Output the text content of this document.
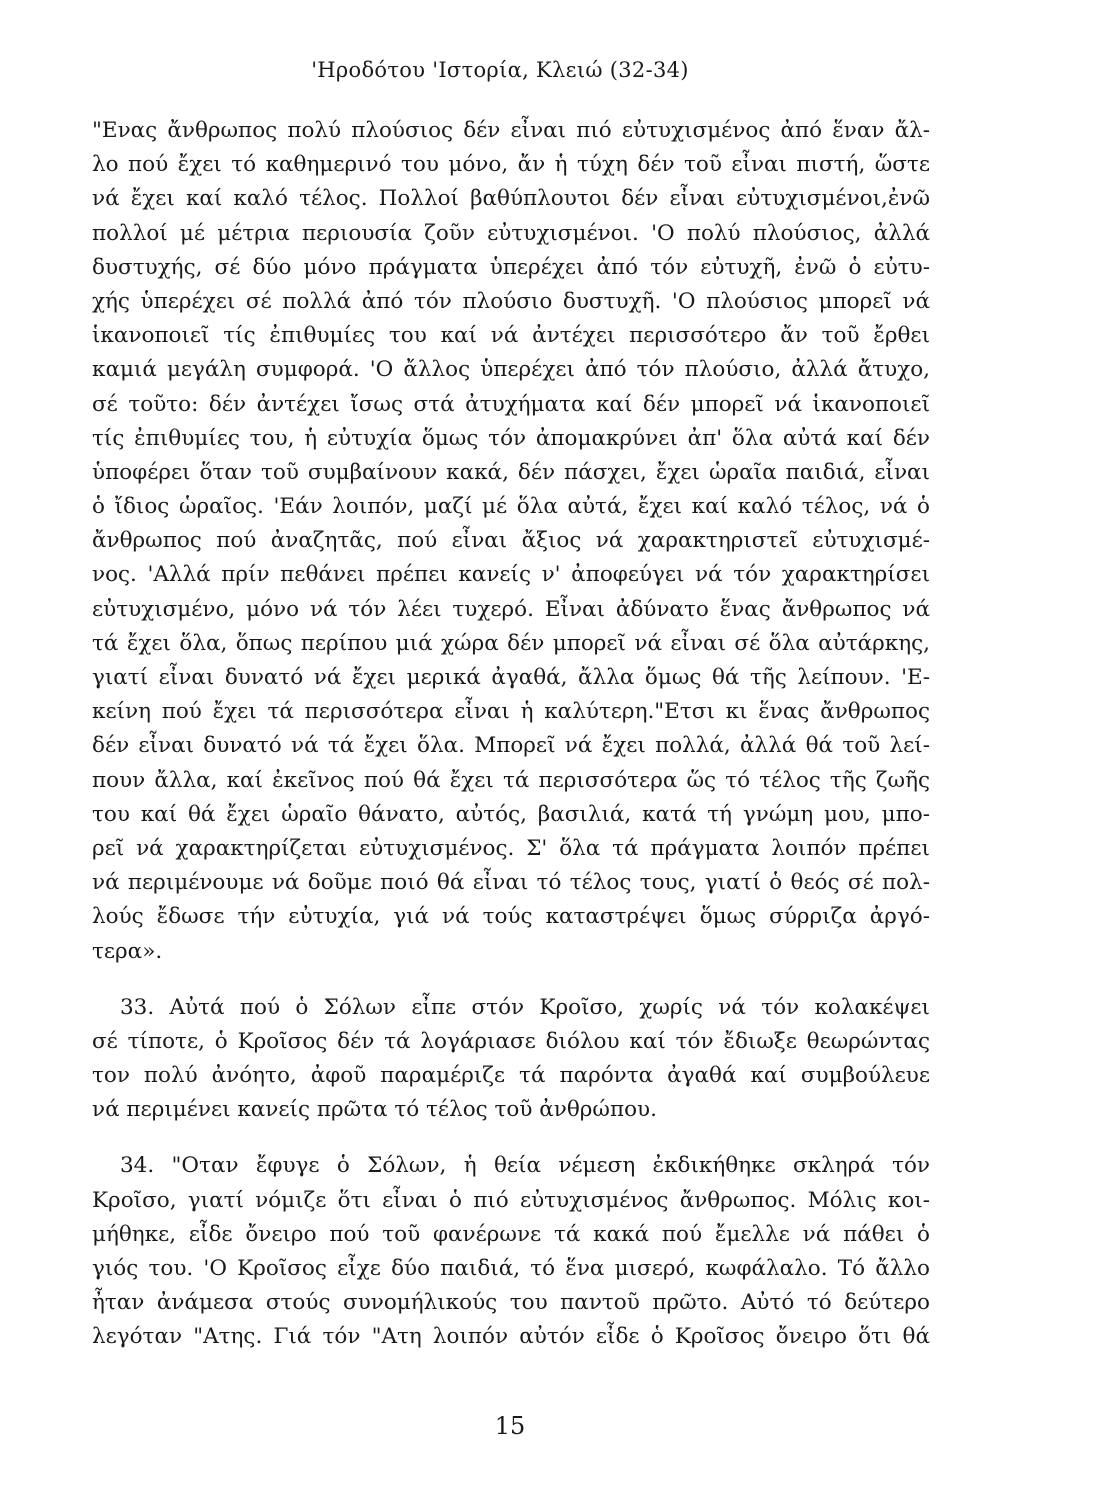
'Ηροδότου 'Ιστορία, Κλειώ (32-34)
"Ενας ἄνθρωπος πολύ πλούσιος δέν εἶναι πιό εὐτυχισμένος ἀπό ἕναν ἄλ-
λο πού ἔχει τό καθημερινό του μόνο, ἄν ἡ τύχη δέν τοῦ εἶναι πιστή, ὥστε
νά ἔχει καί καλό τέλος. Πολλοί βαθύπλουτοι δέν εἶναι εὐτυχισμένοι,ἐνῶ
πολλοί μέ μέτρια περιουσία ζοῦν εὐτυχισμένοι. 'Ο πολύ πλούσιος, ἀλλά
δυστυχής, σέ δύο μόνο πράγματα ὑπερέχει ἀπό τόν εὐτυχῆ, ἐνῶ ὁ εὐτυ-
χής ὑπερέχει σέ πολλά ἀπό τόν πλούσιο δυστυχῆ. 'Ο πλούσιος μπορεῖ νά
ἱκανοποιεῖ τίς ἐπιθυμίες του καί νά ἀντέχει περισσότερο ἄν τοῦ ἔρθει
καμιά μεγάλη συμφορά. 'Ο ἄλλος ὑπερέχει ἀπό τόν πλούσιο, ἀλλά ἄτυχο,
σέ τοῦτο: δέν ἀντέχει ἴσως στά ἀτυχήματα καί δέν μπορεῖ νά ἱκανοποιεῖ
τίς ἐπιθυμίες του, ἡ εὐτυχία ὅμως τόν ἀπομακρύνει ἀπ' ὅλα αὐτά καί δέν
ὑποφέρει ὅταν τοῦ συμβαίνουν κακά, δέν πάσχει, ἔχει ὡραῖα παιδιά, εἶναι
ὁ ἴδιος ὡραῖος. 'Εάν λοιπόν, μαζί μέ ὅλα αὐτά, ἔχει καί καλό τέλος, νά ὁ
ἄνθρωπος πού ἀναζητᾶς, πού εἶναι ἄξιος νά χαρακτηριστεῖ εὐτυχισμέ-
νος. 'Αλλά πρίν πεθάνει πρέπει κανείς ν' ἀποφεύγει νά τόν χαρακτηρίσει
εὐτυχισμένο, μόνο νά τόν λέει τυχερό. Εἶναι ἀδύνατο ἕνας ἄνθρωπος νά
τά ἔχει ὅλα, ὅπως περίπου μιά χώρα δέν μπορεῖ νά εἶναι σέ ὅλα αὐτάρκης,
γιατί εἶναι δυνατό νά ἔχει μερικά ἀγαθά, ἄλλα ὅμως θά τῆς λείπουν. 'Ε-
κείνη πού ἔχει τά περισσότερα εἶναι ἡ καλύτερη."Ετσι κι ἕνας ἄνθρωπος
δέν εἶναι δυνατό νά τά ἔχει ὅλα. Μπορεῖ νά ἔχει πολλά, ἀλλά θά τοῦ λεί-
πουν ἄλλα, καί ἐκεῖνος πού θά ἔχει τά περισσότερα ὥς τό τέλος τῆς ζωῆς
του καί θά ἔχει ὡραῖο θάνατο, αὐτός, βασιλιά, κατά τή γνώμη μου, μπο-
ρεῖ νά χαρακτηρίζεται εὐτυχισμένος. Σ' ὅλα τά πράγματα λοιπόν πρέπει
νά περιμένουμε νά δοῦμε ποιό θά εἶναι τό τέλος τους, γιατί ὁ θεός σέ πολ-
λούς ἔδωσε τήν εὐτυχία, γιά νά τούς καταστρέψει ὅμως σύρριζα ἀργό-
τερα».
33. Αὐτά πού ὁ Σόλων εἶπε στόν Κροῖσο, χωρίς νά τόν κολακέψει
σέ τίποτε, ὁ Κροῖσος δέν τά λογάριασε διόλου καί τόν ἔδιωξε θεωρώντας
τον πολύ ἀνόητο, ἀφοῦ παραμέριζε τά παρόντα ἀγαθά καί συμβούλευε
νά περιμένει κανείς πρῶτα τό τέλος τοῦ ἀνθρώπου.
34. "Οταν ἔφυγε ὁ Σόλων, ἡ θεία νέμεση ἐκδικήθηκε σκληρά τόν
Κροῖσο, γιατί νόμιζε ὅτι εἶναι ὁ πιό εὐτυχισμένος ἄνθρωπος. Μόλις κοι-
μήθηκε, εἶδε ὄνειρο πού τοῦ φανέρωνε τά κακά πού ἔμελλε νά πάθει ὁ
γιός του. 'Ο Κροῖσος εἶχε δύο παιδιά, τό ἕνα μισερό, κωφάλαλο. Τό ἄλλο
ἦταν ἀνάμεσα στούς συνομήλικούς του παντοῦ πρῶτο. Αὐτό τό δεύτερο
λεγόταν "Ατης. Γιά τόν "Ατη λοιπόν αὐτόν εἶδε ὁ Κροῖσος ὄνειρο ὅτι θά
15
